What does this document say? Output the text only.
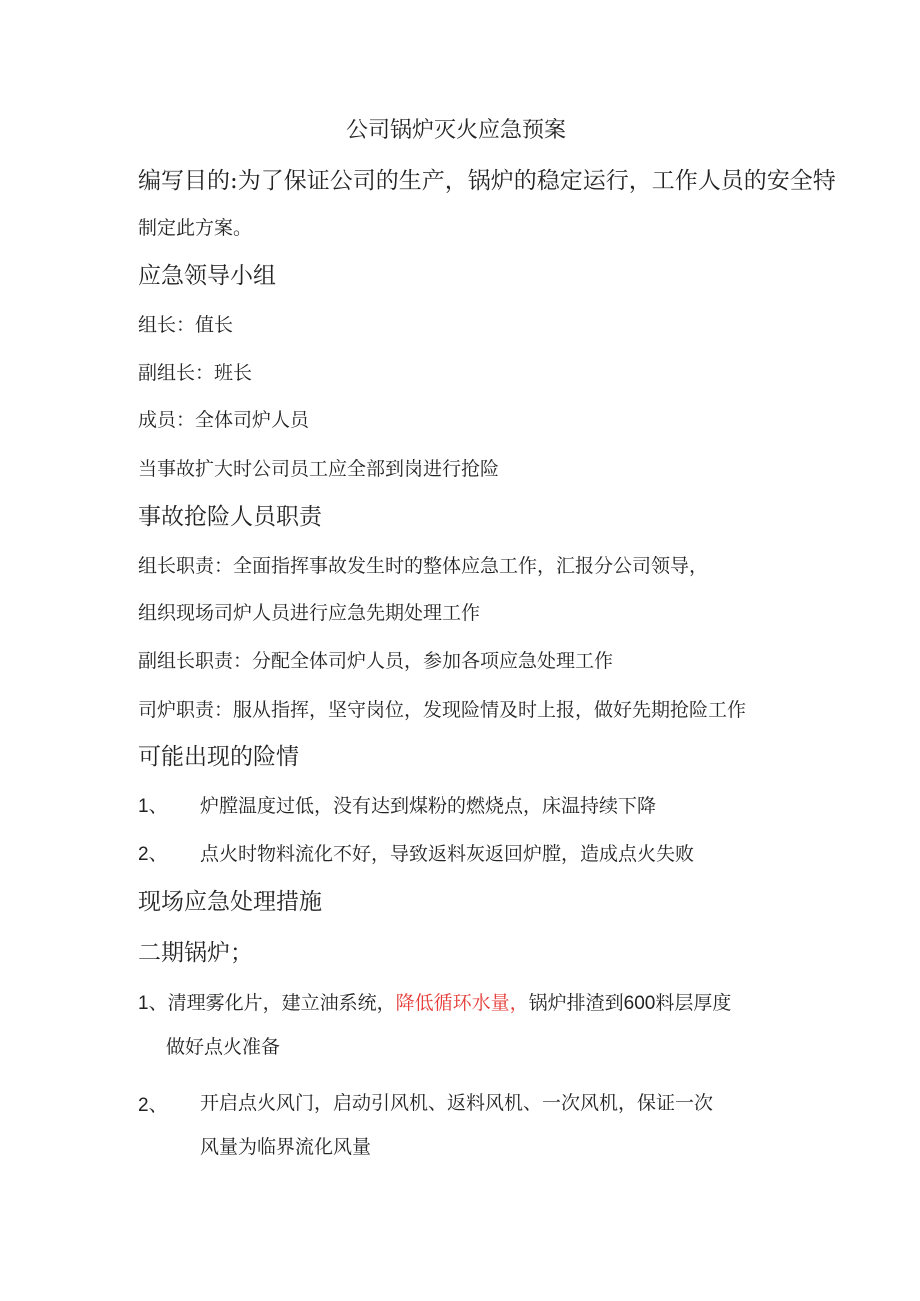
公司锅炉灭火应急预案
编写目的:为了保证公司的生产，锅炉的稳定运行，工作人员的安全特
制定此方案。
应急领导小组
组长：值长
副组长：班长
成员：全体司炉人员
当事故扩大时公司员工应全部到岗进行抢险
事故抢险人员职责
组长职责：全面指挥事故发生时的整体应急工作，汇报分公司领导，
组织现场司炉人员进行应急先期处理工作
副组长职责：分配全体司炉人员，参加各项应急处理工作
司炉职责：服从指挥，坚守岗位，发现险情及时上报，做好先期抢险工作
可能出现的险情
1、 炉膛温度过低，没有达到煤粉的燃烧点，床温持续下降
2、 点火时物料流化不好，导致返料灰返回炉膛，造成点火失败
现场应急处理措施
二期锅炉；
1、清理雾化片，建立油系统，降低循环水量，锅炉排渣到600料层厚度
做好点火准备
2、 开启点火风门，启动引风机、返料风机、一次风机，保证一次
风量为临界流化风量
